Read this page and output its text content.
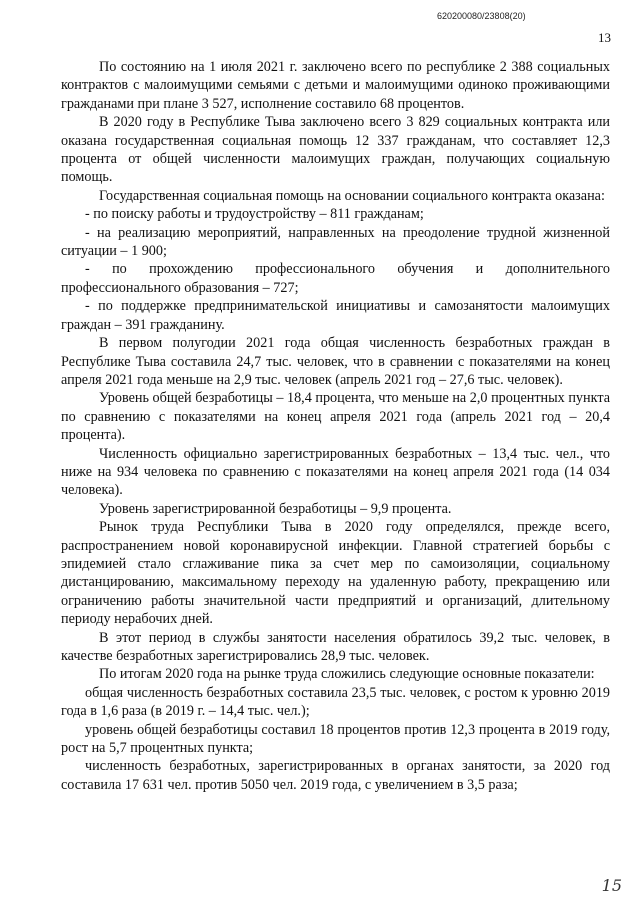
620200080/23808(20)
13

По состоянию на 1 июля 2021 г. заключено всего по республике 2 388 социальных контрактов с малоимущими семьями с детьми и малоимущими одиноко проживающими гражданами при плане 3 527, исполнение составило 68 процентов.

В 2020 году в Республике Тыва заключено всего 3 829 социальных контракта или оказана государственная социальная помощь 12 337 гражданам, что составляет 12,3 процента от общей численности малоимущих граждан, получающих социальную помощь.

Государственная социальная помощь на основании социального контракта оказана:

- по поиску работы и трудоустройству – 811 гражданам;

- на реализацию мероприятий, направленных на преодоление трудной жизненной ситуации – 1 900;

- по прохождению профессионального обучения и дополнительного профессионального образования – 727;

- по поддержке предпринимательской инициативы и самозанятости малоимущих граждан – 391 гражданину.

В первом полугодии 2021 года общая численность безработных граждан в Республике Тыва составила 24,7 тыс. человек, что в сравнении с показателями на конец апреля 2021 года меньше на 2,9 тыс. человек (апрель 2021 год – 27,6 тыс. человек).

Уровень общей безработицы – 18,4 процента, что меньше на 2,0 процентных пункта по сравнению с показателями на конец апреля 2021 года (апрель 2021 год – 20,4 процента).

Численность официально зарегистрированных безработных – 13,4 тыс. чел., что ниже на 934 человека по сравнению с показателями на конец апреля 2021 года (14 034 человека).

Уровень зарегистрированной безработицы – 9,9 процента.

Рынок труда Республики Тыва в 2020 году определялся, прежде всего, распространением новой коронавирусной инфекции. Главной стратегией борьбы с эпидемией стало сглаживание пика за счет мер по самоизоляции, социальному дистанцированию, максимальному переходу на удаленную работу, прекращению или ограничению работы значительной части предприятий и организаций, длительному периоду нерабочих дней.

В этот период в службы занятости населения обратилось 39,2 тыс. человек, в качестве безработных зарегистрировались 28,9 тыс. человек.

По итогам 2020 года на рынке труда сложились следующие основные показатели:

общая численность безработных составила 23,5 тыс. человек, с ростом к уровню 2019 года в 1,6 раза (в 2019 г. – 14,4 тыс. чел.);

уровень общей безработицы составил 18 процентов против 12,3 процента в 2019 году, рост на 5,7 процентных пункта;

численность безработных, зарегистрированных в органах занятости, за 2020 год составила 17 631 чел. против 5050 чел. 2019 года, с увеличением в 3,5 раза;

15
